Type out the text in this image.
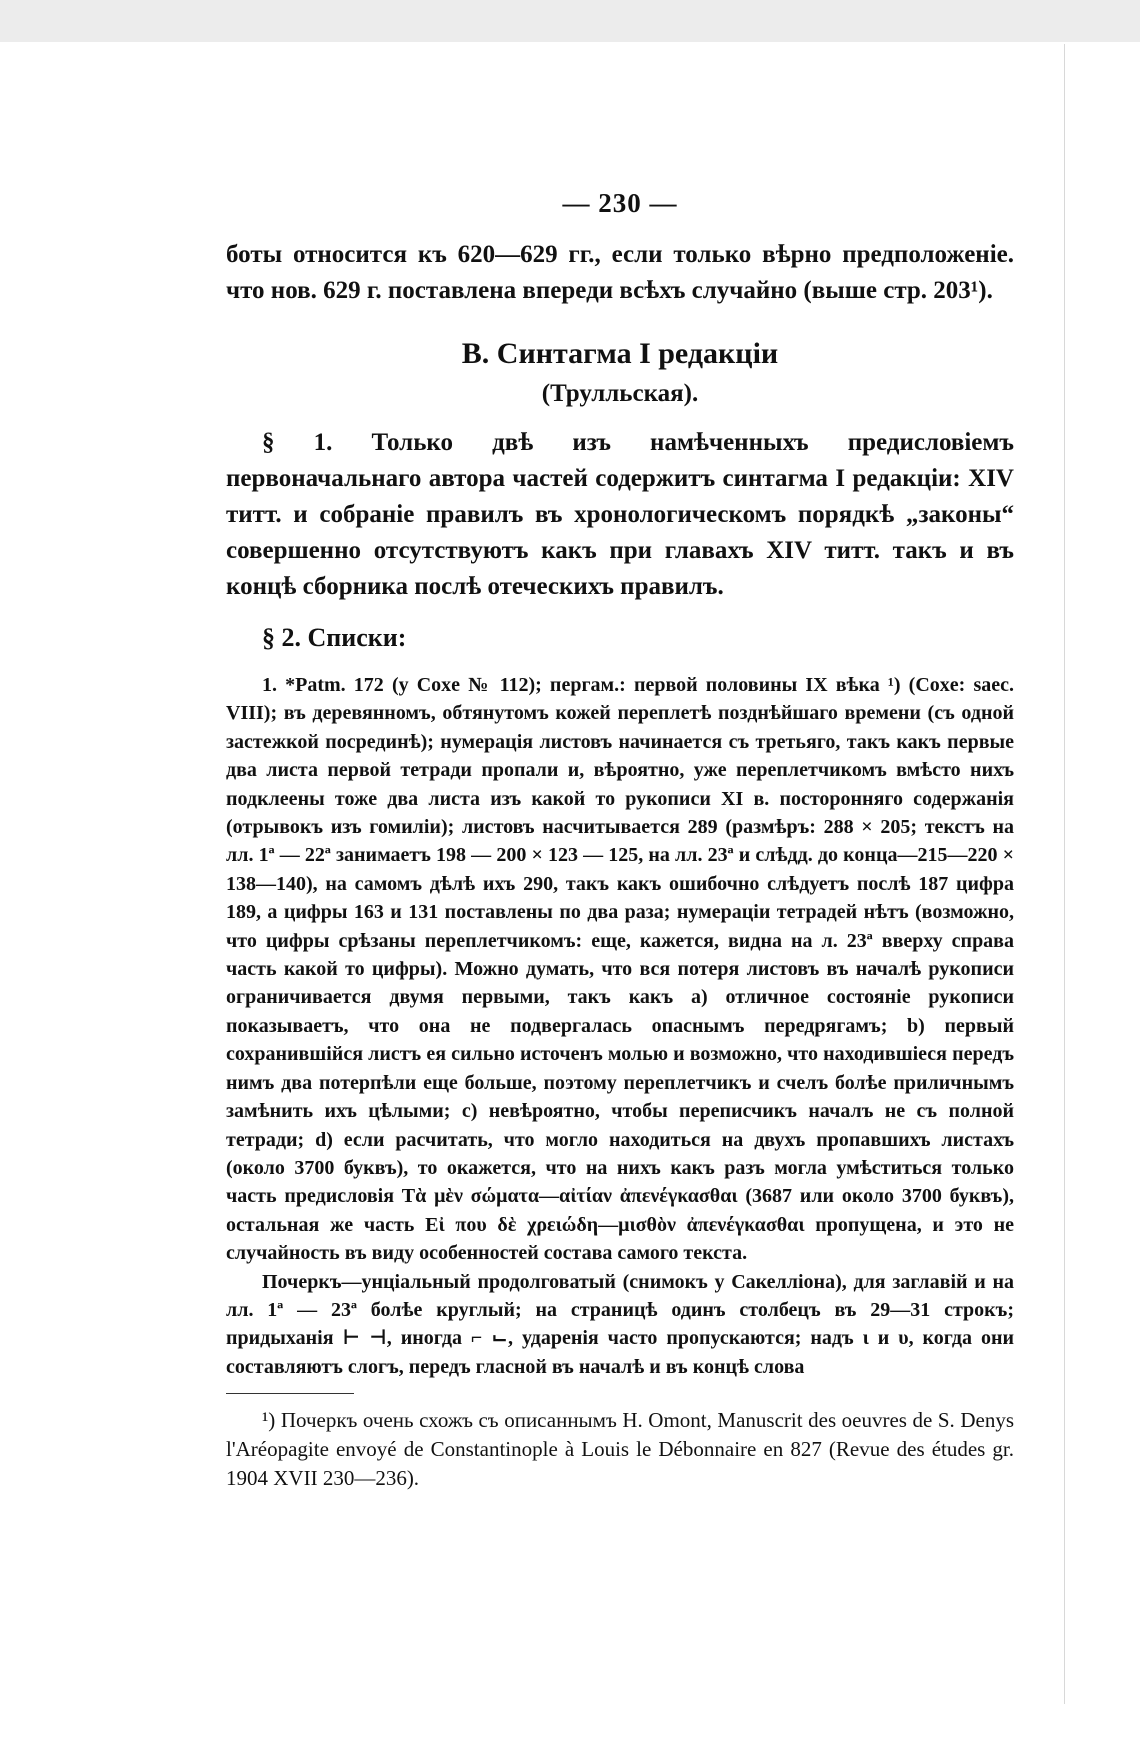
— 230 —

боты относится къ 620—629 гг., если только вѣрно предположеніе. что нов. 629 г. поставлена впереди всѣхъ случайно (выше стр. 203¹).

B. Синтагма I редакціи
(Трулльская).

§ 1. Только двѣ изъ намѣченныхъ предисловіемъ первоначальнаго автора частей содержитъ синтагма I редакціи: XIV титт. и собраніе правилъ въ хронологическомъ порядкѣ „законы“ совершенно отсутствуютъ какъ при главахъ XIV титт. такъ и въ концѣ сборника послѣ отеческихъ правилъ.

§ 2. Списки:

1. *Patm. 172 (у Coxe № 112); пергам.: первой половины IX вѣка ¹) (Coxe: saec. VIII); въ деревянномъ, обтянутомъ кожей переплетѣ позднѣйшаго времени (съ одной застежкой посрединѣ); нумерація листовъ начинается съ третьяго, такъ какъ первые два листа первой тетради пропали и, вѣроятно, уже переплетчикомъ вмѣсто нихъ подклеены тоже два листа изъ какой то рукописи XI в. посторонняго содержанія (отрывокъ изъ гомиліи); листовъ насчитывается 289 (размѣръ: 288 × 205; текстъ на лл. 1ª — 22ª занимаетъ 198 — 200 × 123 — 125, на лл. 23ª и слѣдд. до конца—215—220 × 138—140), на самомъ дѣлѣ ихъ 290, такъ какъ ошибочно слѣдуетъ послѣ 187 цифра 189, а цифры 163 и 131 поставлены по два раза; нумераціи тетрадей нѣтъ (возможно, что цифры срѣзаны переплетчикомъ: еще, кажется, видна на л. 23ª вверху справа часть какой то цифры). Можно думать, что вся потеря листовъ въ началѣ рукописи ограничивается двумя первыми, такъ какъ а) отличное состояніе рукописи показываетъ, что она не подвергалась опаснымъ передрягамъ; b) первый сохранившійся листъ ея сильно источенъ молью и возможно, что находившіеся передъ нимъ два потерпѣли еще больше, поэтому переплетчикъ и счелъ болѣе приличнымъ замѣнить ихъ цѣлыми; c) невѣроятно, чтобы переписчикъ началъ не съ полной тетради; d) если расчитать, что могло находиться на двухъ пропавшихъ листахъ (около 3700 буквъ), то окажется, что на нихъ какъ разъ могла умѣститься только часть предисловія Τὰ μὲν σώματα—αἰτίαν ἀπενέγκασθαι (3687 или около 3700 буквъ), остальная же часть Εἰ που δὲ χρειώδη—μισθὸν ἀπενέγκασθαι пропущена, и это не случайность въ виду особенностей состава самого текста.

Почеркъ—унціальный продолговатый (снимокъ у Сакелліона), для заглавій и на лл. 1ª — 23ª болѣе круглый; на страницѣ одинъ столбецъ въ 29—31 строкъ; придыханія ⊢ ⊣, иногда ⌐ ⌙, ударенія часто пропускаются; надъ ι и υ, когда они составляютъ слогъ, передъ гласной въ началѣ и въ концѣ слова

¹) Почеркъ очень схожъ съ описаннымъ H. Omont, Manuscrit des oeuvres de S. Denys l'Aréopagite envoyé de Constantinople à Louis le Débonnaire en 827 (Revue des études gr. 1904 XVII 230—236).
